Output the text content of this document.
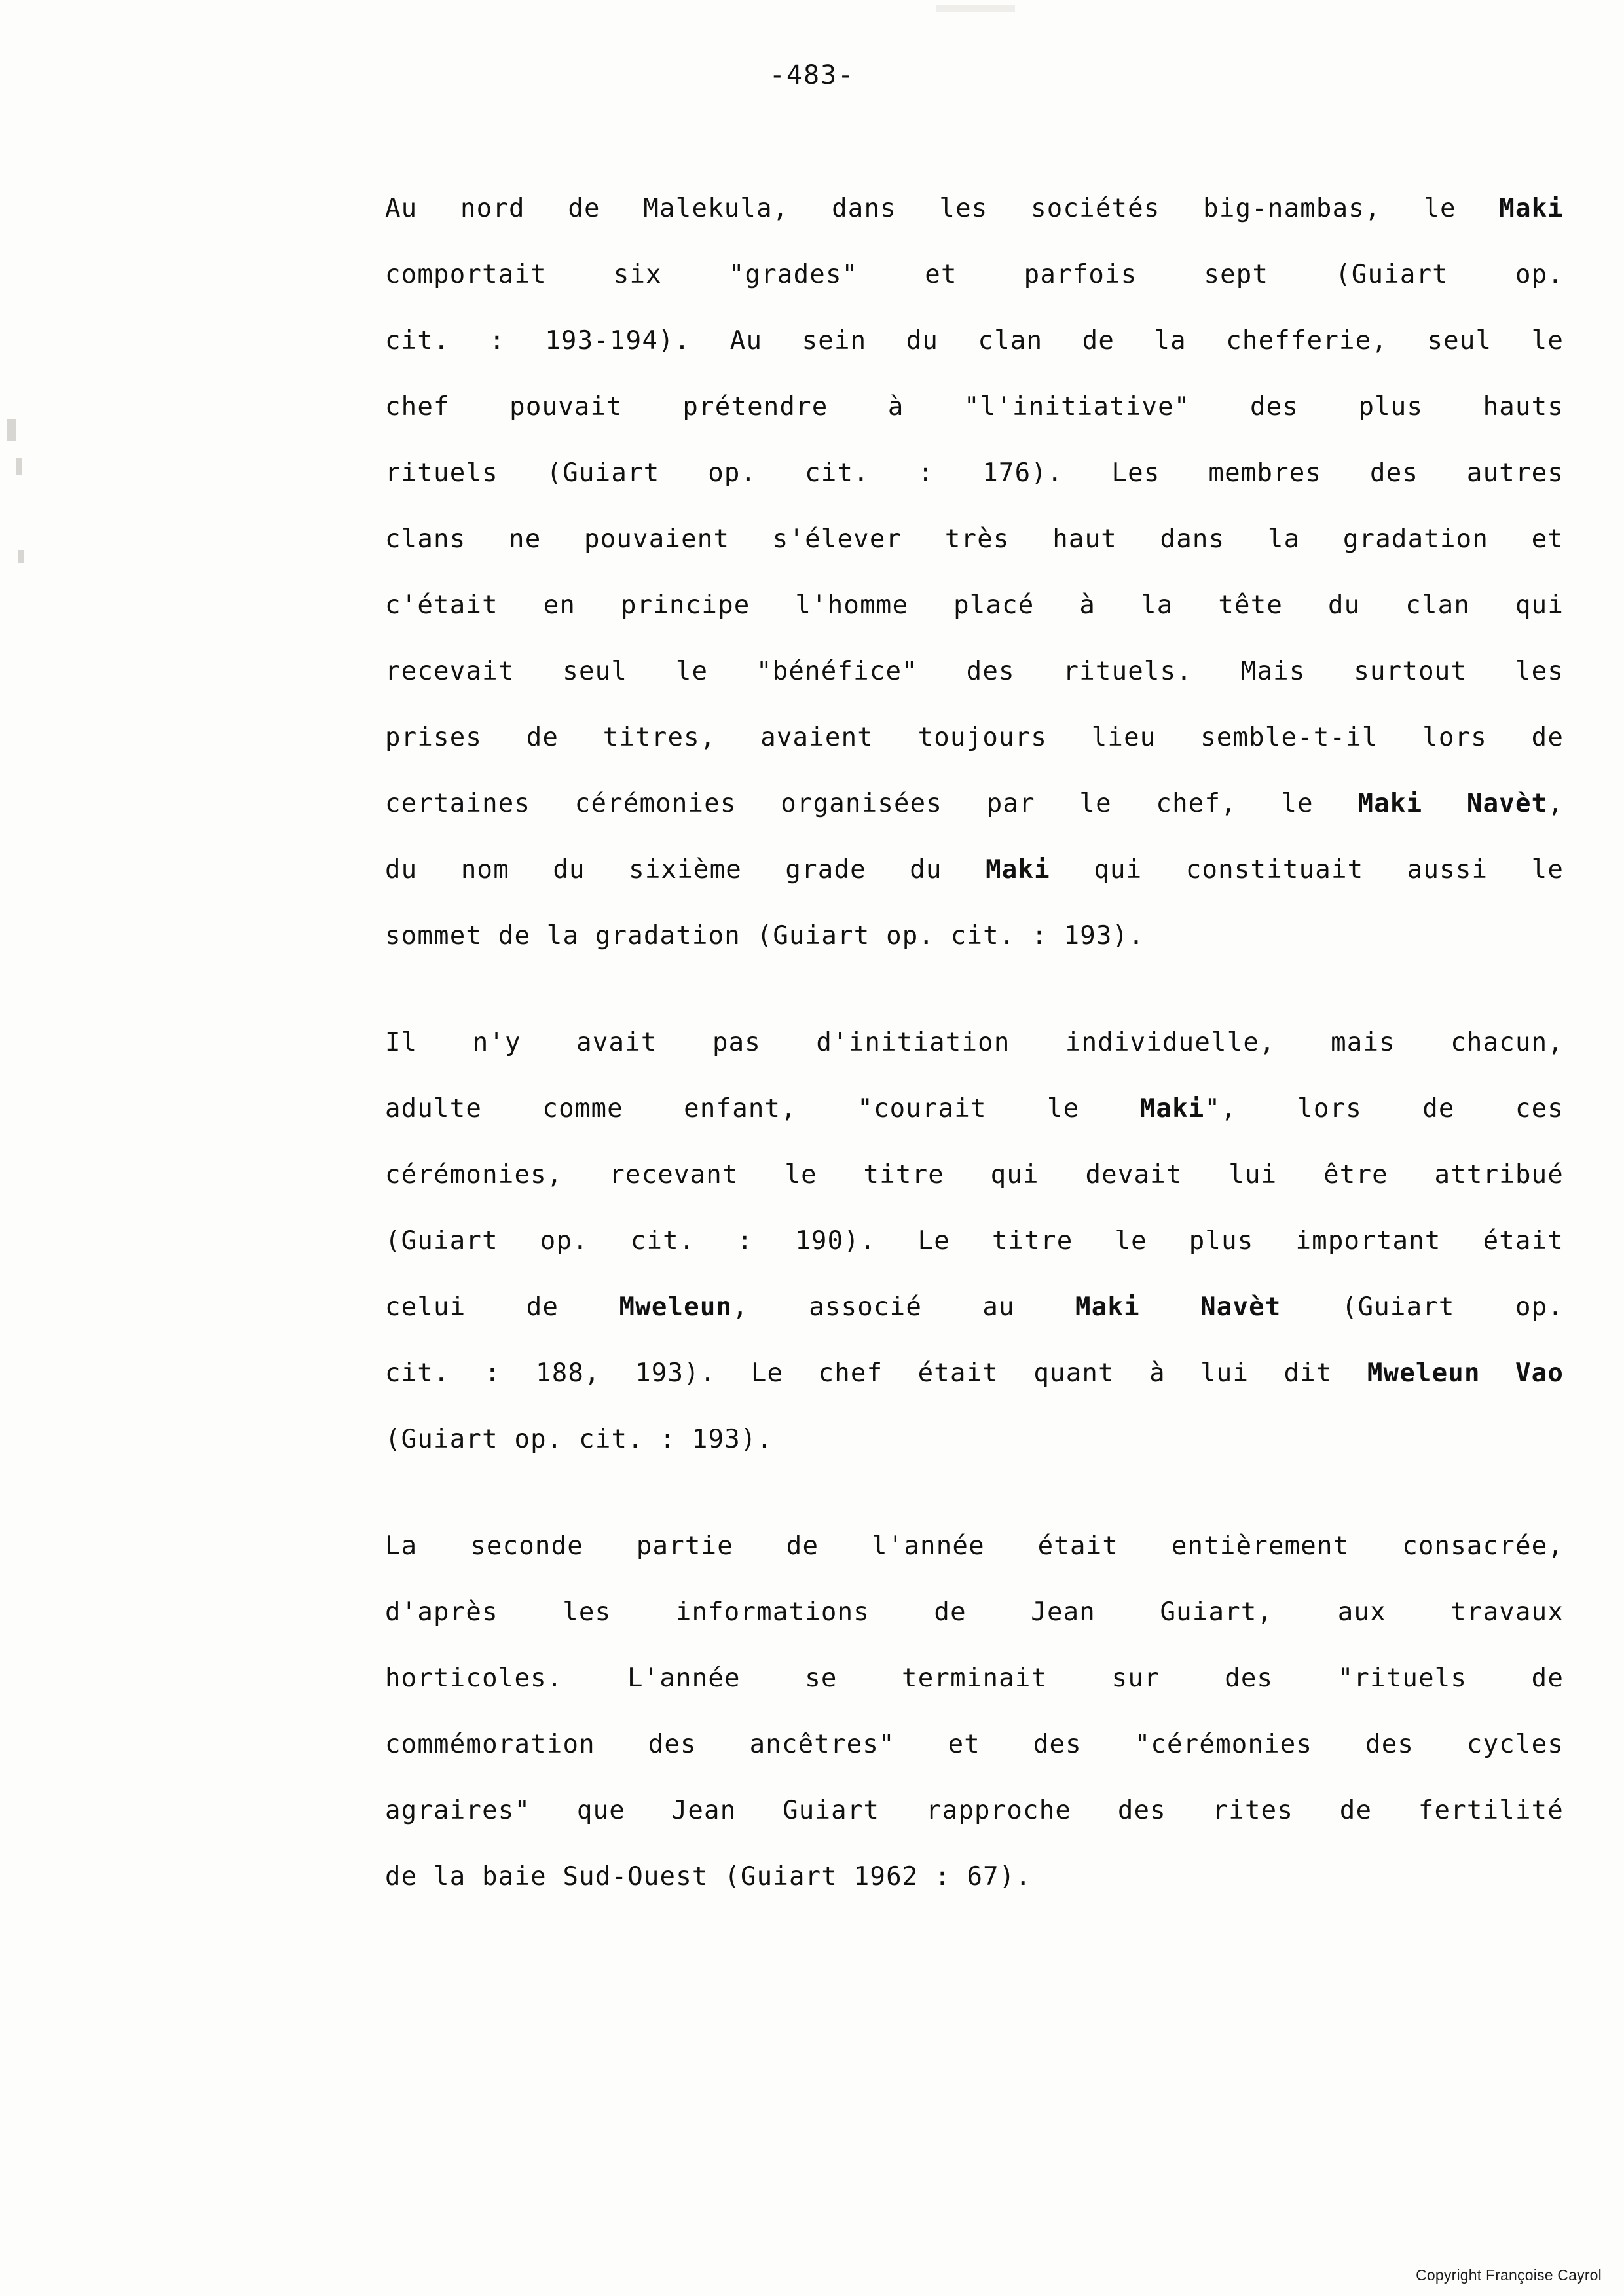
-483-

Au nord de Malekula, dans les sociétés big-nambas, le Maki
comportait six "grades" et parfois sept (Guiart op.
cit. : 193-194). Au sein du clan de la chefferie, seul le
chef pouvait prétendre à "l'initiative" des plus hauts
rituels (Guiart op. cit. : 176). Les membres des autres
clans ne pouvaient s'élever très haut dans la gradation et
c'était en principe l'homme placé à la tête du clan qui
recevait seul le "bénéfice" des rituels. Mais surtout les
prises de titres, avaient toujours lieu semble-t-il lors de
certaines cérémonies organisées par le chef, le Maki Navèt,
du nom du sixième grade du Maki qui constituait aussi le
sommet de la gradation (Guiart op. cit. : 193).

Il n'y avait pas d'initiation individuelle, mais chacun,
adulte comme enfant, "courait le Maki", lors de ces
cérémonies, recevant le titre qui devait lui être attribué
(Guiart op. cit. : 190). Le titre le plus important était
celui de Mweleun, associé au Maki Navèt (Guiart op.
cit. : 188, 193). Le chef était quant à lui dit Mweleun Vao
(Guiart op. cit. : 193).

La seconde partie de l'année était entièrement consacrée,
d'après les informations de Jean Guiart, aux travaux
horticoles. L'année se terminait sur des "rituels de
commémoration des ancêtres" et des "cérémonies des cycles
agraires" que Jean Guiart rapproche des rites de fertilité
de la baie Sud-Ouest (Guiart 1962 : 67).

Copyright Françoise Cayrol
